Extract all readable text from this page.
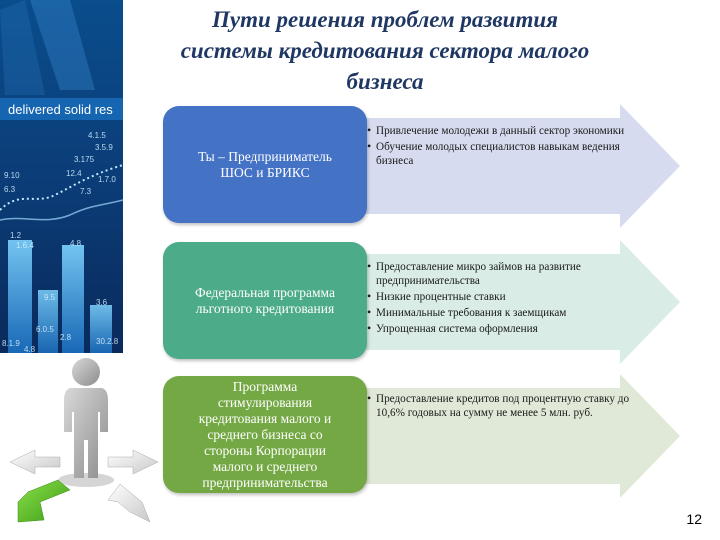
Пути решения проблем развития
системы кредитования сектора малого
бизнеса
delivered solid res
4.1.5
3.5.9
3.175
12.4
9.10	1.7.0
6.3	7.3
1.2
1.6.4	4.8
9.5
3.6
6.0.5
8.1.9
4.8
2.8	30.2.8
Ты – Предприниматель
ШОС и БРИКС
• Привлечение молодежи в данный сектор экономики
• Обучение молодых специалистов навыкам ведения бизнеса
Федеральная программа
льготного кредитования
• Предоставление микро займов на развитие предпринимательства
• Низкие процентные ставки
• Минимальные требования к заемщикам
• Упрощенная система оформления
Программа
стимулирования
кредитования малого и
среднего бизнеса со
стороны Корпорации
малого и среднего
предпринимательства
• Предоставление кредитов под процентную ставку до 10,6% годовых на сумму не менее 5 млн. руб.
12
